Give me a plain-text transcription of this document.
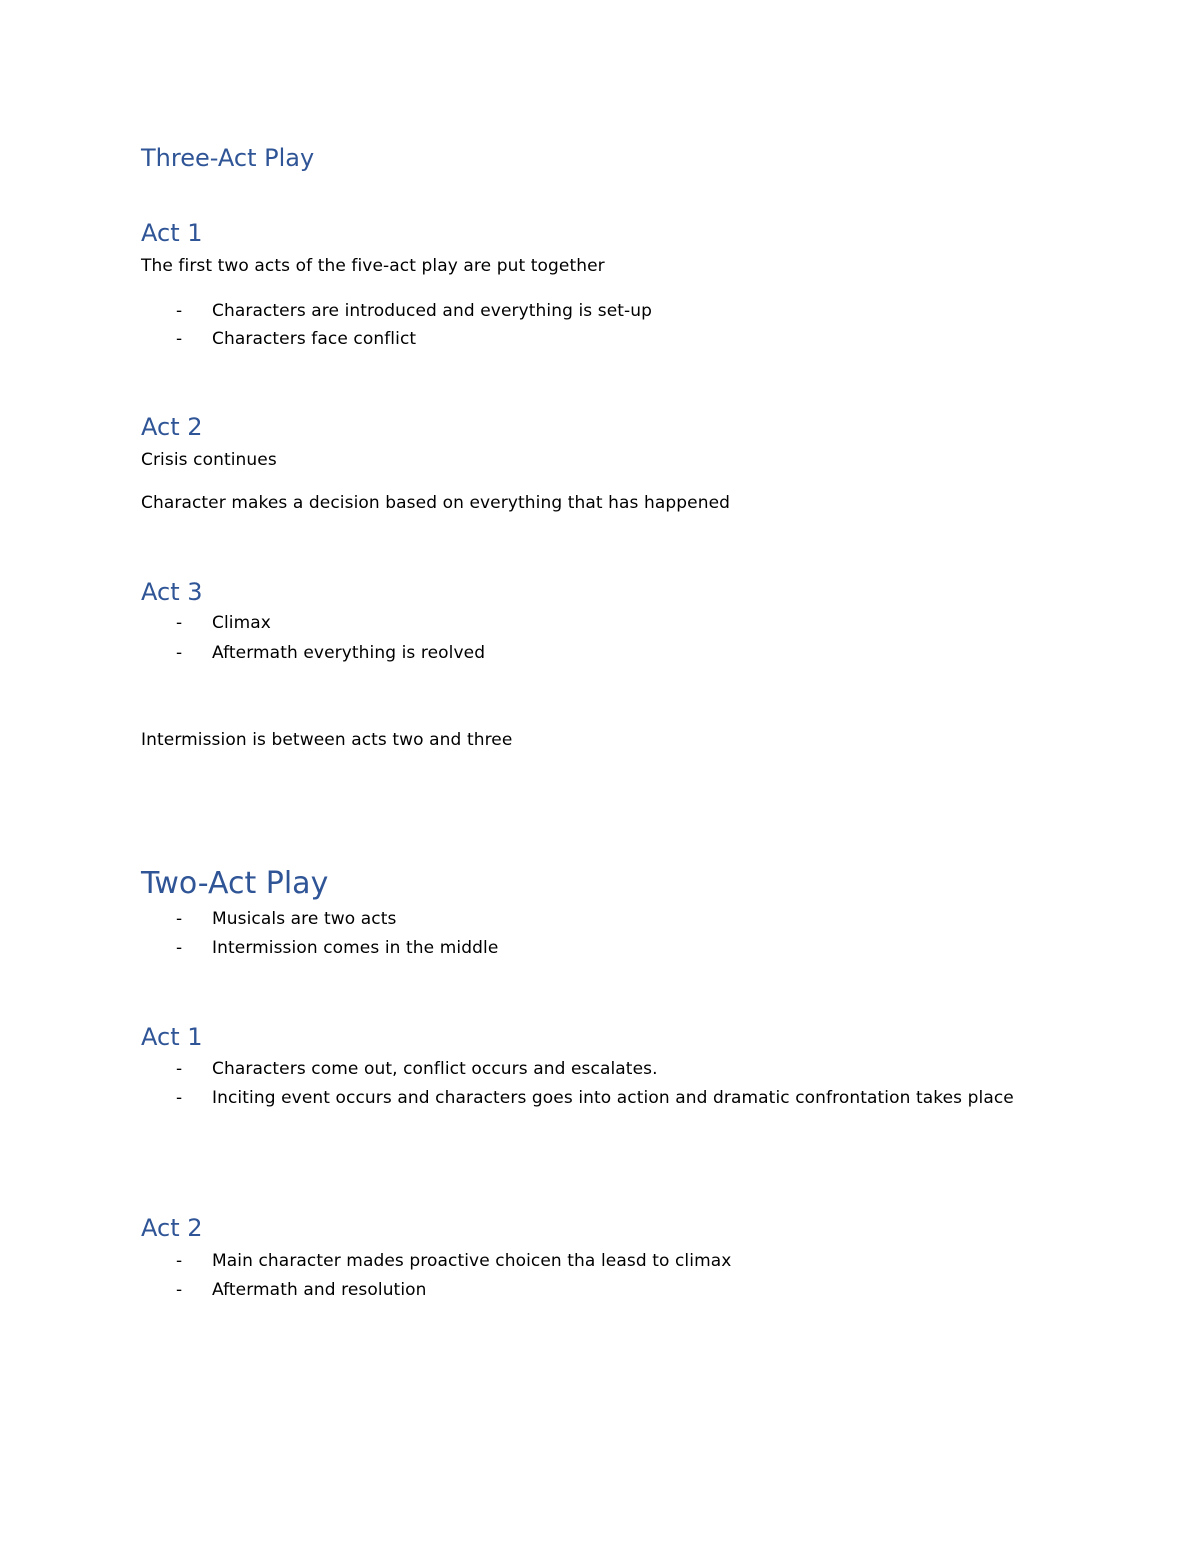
Three-Act Play
Act 1
The first two acts of the five-act play are put together
- Characters are introduced and everything is set-up
- Characters face conflict
Act 2
Crisis continues
Character makes a decision based on everything that has happened
Act 3
- Climax
- Aftermath everything is reolved
Intermission is between acts two and three
Two-Act Play
- Musicals are two acts
- Intermission comes in the middle
Act 1
- Characters come out, conflict occurs and escalates.
- Inciting event occurs and characters goes into action and dramatic confrontation takes place
Act 2
- Main character mades proactive choicen tha leasd to climax
- Aftermath and resolution
